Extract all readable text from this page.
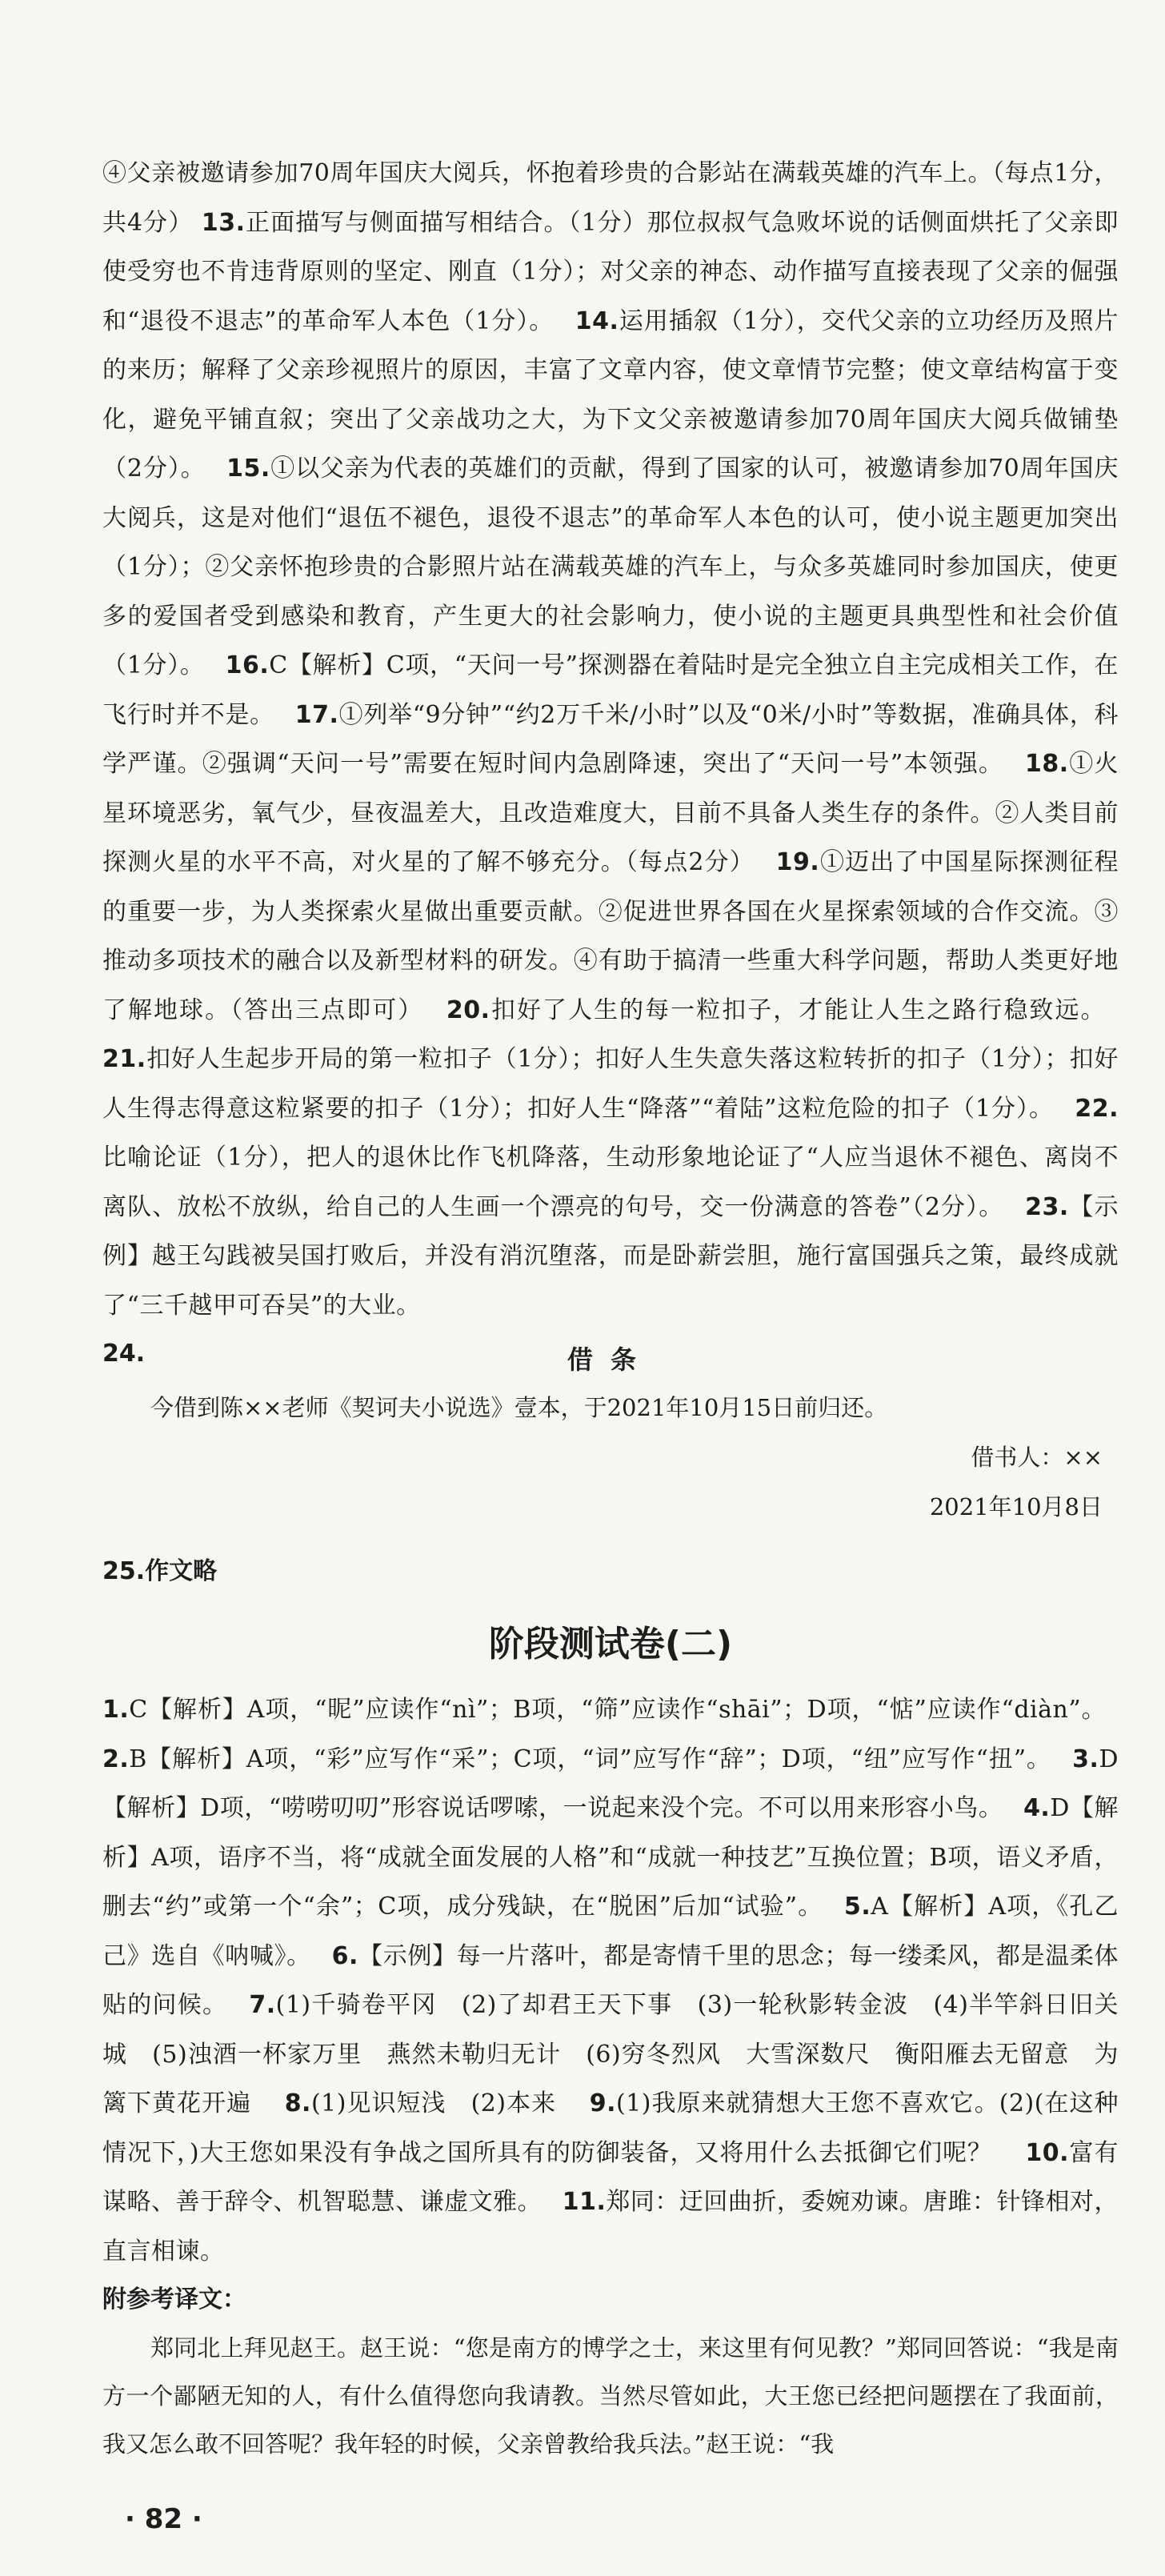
④父亲被邀请参加70周年国庆大阅兵，怀抱着珍贵的合影站在满载英雄的汽车上。（每点1分，共4分） 13.正面描写与侧面描写相结合。（1分）那位叔叔气急败坏说的话侧面烘托了父亲即使受穷也不肯违背原则的坚定、刚直（1分）；对父亲的神态、动作描写直接表现了父亲的倔强和“退役不退志”的革命军人本色（1分）。　 14.运用插叙（1分），交代父亲的立功经历及照片的来历；解释了父亲珍视照片的原因，丰富了文章内容，使文章情节完整；使文章结构富于变化，避免平铺直叙；突出了父亲战功之大，为下文父亲被邀请参加70周年国庆大阅兵做铺垫（2分）。　 15.①以父亲为代表的英雄们的贡献，得到了国家的认可，被邀请参加70周年国庆大阅兵，这是对他们“退伍不褪色，退役不退志”的革命军人本色的认可，使小说主题更加突出（1分）；②父亲怀抱珍贵的合影照片站在满载英雄的汽车上，与众多英雄同时参加国庆，使更多的爱国者受到感染和教育，产生更大的社会影响力，使小说的主题更具典型性和社会价值（1分）。　 16.C【解析】C项，“天问一号”探测器在着陆时是完全独立自主完成相关工作，在飞行时并不是。　 17.①列举“9分钟”“约2万千米/小时”以及“0米/小时”等数据，准确具体，科学严谨。②强调“天问一号”需要在短时间内急剧降速，突出了“天问一号”本领强。　 18.①火星环境恶劣，氧气少，昼夜温差大，且改造难度大，目前不具备人类生存的条件。②人类目前探测火星的水平不高，对火星的了解不够充分。（每点2分）　 19.①迈出了中国星际探测征程的重要一步，为人类探索火星做出重要贡献。②促进世界各国在火星探索领域的合作交流。③推动多项技术的融合以及新型材料的研发。④有助于搞清一些重大科学问题，帮助人类更好地了解地球。（答出三点即可）　 20.扣好了人生的每一粒扣子，才能让人生之路行稳致远。　 21.扣好人生起步开局的第一粒扣子（1分）；扣好人生失意失落这粒转折的扣子（1分）；扣好人生得志得意这粒紧要的扣子（1分）；扣好人生“降落”“着陆”这粒危险的扣子（1分）。　 22.比喻论证（1分），把人的退休比作飞机降落，生动形象地论证了“人应当退休不褪色、离岗不离队、放松不放纵，给自己的人生画一个漂亮的句号，交一份满意的答卷”（2分）。　 23.【示例】越王勾践被吴国打败后，并没有消沉堕落，而是卧薪尝胆，施行富国强兵之策，最终成就了“三千越甲可吞吴”的大业。

24.	借条

今借到陈××老师《契诃夫小说选》壹本，于2021年10月15日前归还。

借书人：××

2021年10月8日

25.作文略

阶段测试卷(二)

1.C【解析】A项，“昵”应读作“nì”；B项，“筛”应读作“shāi”；D项，“惦”应读作“diàn”。　 2.B【解析】A项，“彩”应写作“采”；C项，“词”应写作“辞”；D项，“纽”应写作“扭”。　 3.D【解析】D项，“唠唠叨叨”形容说话啰嗦，一说起来没个完。不可以用来形容小鸟。　 4.D【解析】A项，语序不当，将“成就全面发展的人格”和“成就一种技艺”互换位置；B项，语义矛盾，删去“约”或第一个“余”；C项，成分残缺，在“脱困”后加“试验”。　 5.A【解析】A项，《孔乙己》选自《呐喊》。　 6.【示例】每一片落叶，都是寄情千里的思念；每一缕柔风，都是温柔体贴的问候。　 7.(1)千骑卷平冈　(2)了却君王天下事　(3)一轮秋影转金波　(4)半竿斜日旧关城　(5)浊酒一杯家万里　燕然未勒归无计　(6)穷冬烈风　大雪深数尺　衡阳雁去无留意　为篱下黄花开遍　 8.(1)见识短浅　(2)本来　 9.(1)我原来就猜想大王您不喜欢它。(2)(在这种情况下，)大王您如果没有争战之国所具有的防御装备，又将用什么去抵御它们呢？　 10.富有谋略、善于辞令、机智聪慧、谦虚文雅。　 11.郑同：迂回曲折，委婉劝谏。唐雎：针锋相对，直言相谏。

附参考译文：

郑同北上拜见赵王。赵王说：“您是南方的博学之士，来这里有何见教？”郑同回答说：“我是南方一个鄙陋无知的人，有什么值得您向我请教。当然尽管如此，大王您已经把问题摆在了我面前，我又怎么敢不回答呢？我年轻的时候，父亲曾教给我兵法。”赵王说：“我

· 82 ·
